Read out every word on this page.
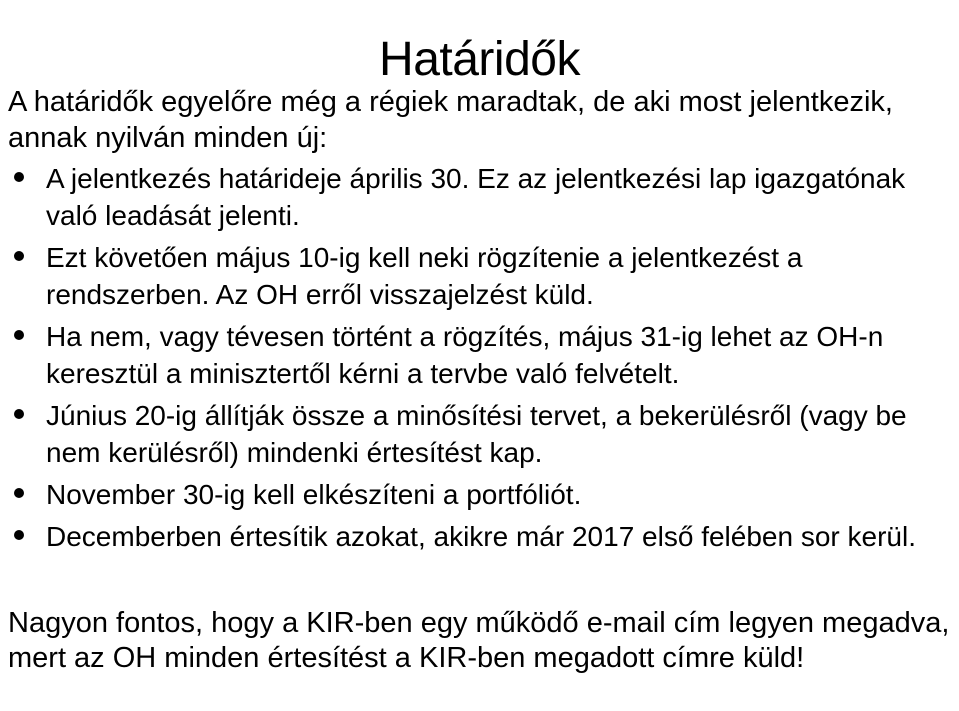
Határidők

A határidők egyelőre még a régiek maradtak, de aki most jelentkezik, annak nyilván minden új:

A jelentkezés határideje április 30. Ez az jelentkezési lap igazgatónak való leadását jelenti.
Ezt követően május 10-ig kell neki rögzítenie a jelentkezést a rendszerben. Az OH erről visszajelzést küld.
Ha nem, vagy tévesen történt a rögzítés, május 31-ig lehet az OH-n keresztül a minisztertől kérni a tervbe való felvételt.
Június 20-ig állítják össze a minősítési tervet, a bekerülésről (vagy be nem kerülésről) mindenki értesítést kap.
November 30-ig kell elkészíteni a portfóliót.
Decemberben értesítik azokat, akikre már 2017 első felében sor kerül.

Nagyon fontos, hogy a KIR-ben egy működő e-mail cím legyen megadva, mert az OH minden értesítést a KIR-ben megadott címre küld!
